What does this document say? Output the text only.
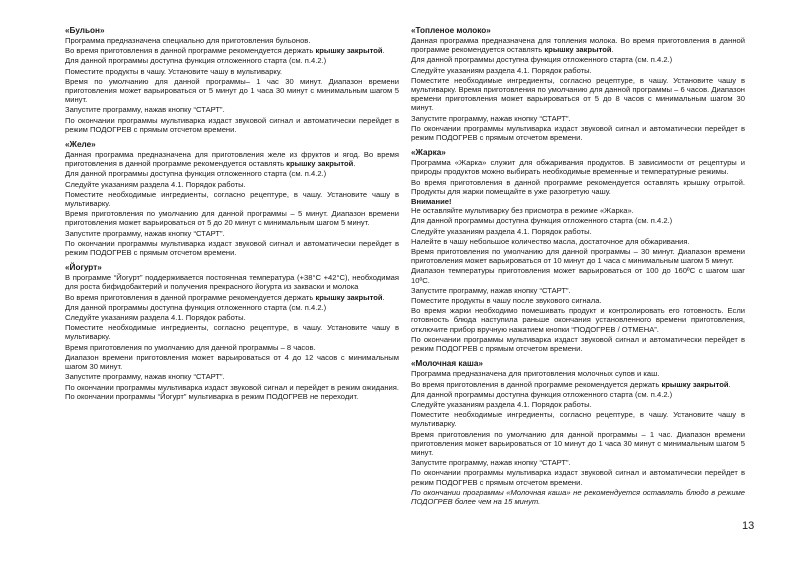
«Бульон»
Программа предназначена специально для приготовления бульонов.
Во время приготовления в данной программе рекомендуется держать крышку закрытой.
Для данной программы доступна функция отложенного старта (см. п.4.2.)
Поместите продукты в чашу. Установите чашу в мультиварку.
Время по умолчанию для данной программы– 1 час 30 минут. Диапазон времени приготовления может варьироваться от 5 минут до 1 часа 30 минут с минимальным шагом 5 минут.
Запустите программу, нажав кнопку “СТАРТ”.
По окончании программы мультиварка издаст звуковой сигнал и автоматически перейдет в режим ПОДОГРЕВ с прямым отсчетом времени.
«Желе»
Данная программа предназначена для приготовления желе из фруктов и ягод. Во время приготовления в данной программе рекомендуется оставлять крышку закрытой.
Для данной программы доступна функция отложенного старта (см. п.4.2.)
Следуйте указаниям раздела 4.1. Порядок работы.
Поместите необходимые ингредиенты, согласно рецептуре, в чашу. Установите чашу в мультиварку.
Время приготовления по умолчанию для данной программы – 5 минут. Диапазон времени приготовления может варьироваться от 5 до 20 минут с минимальным шагом 5 минут.
Запустите программу, нажав кнопку “СТАРТ”.
По окончании программы мультиварка издаст звуковой сигнал и автоматически перейдет в режим ПОДОГРЕВ с прямым отсчетом времени.
«Йогурт»
В программе “Йогурт” поддерживается постоянная температура (+38°С +42°С), необходимая для роста бифидобактерий и получения прекрасного йогурта из закваски и молока
Во время приготовления в данной программе рекомендуется держать крышку закрытой.
Для данной программы доступна функция отложенного старта (см. п.4.2.)
Следуйте указаниям раздела 4.1. Порядок работы.
Поместите необходимые ингредиенты, согласно рецептуре, в чашу. Установите чашу в мультиварку.
Время приготовления по умолчанию для данной программы – 8 часов.
Диапазон времени приготовления может варьироваться от 4 до 12 часов с минимальным шагом 30 минут.
Запустите программу, нажав кнопку “СТАРТ”.
По окончании программы мультиварка издаст звуковой сигнал и перейдет в режим ожидания. По окончании программы “Йогурт” мультиварка в режим ПОДОГРЕВ не переходит.
«Топленое молоко»
Данная программа предназначена для топления молока. Во время приготовления в данной программе рекомендуется оставлять крышку закрытой.
Для данной программы доступна функция отложенного старта (см. п.4.2.)
Следуйте указаниям раздела 4.1. Порядок работы.
Поместите необходимые ингредиенты, согласно рецептуре, в чашу. Установите чашу в мультиварку. Время приготовления по умолчанию для данной программы – 6 часов. Диапазон времени приготовления может варьироваться от 5 до 8 часов с минимальным шагом 30 минут.
Запустите программу, нажав кнопку “СТАРТ”.
По окончании программы мультиварка издаст звуковой сигнал и автоматически перейдет в режим ПОДОГРЕВ с прямым отсчетом времени.
«Жарка»
Программа «Жарка» служит для обжаривания продуктов. В зависимости от рецептуры и природы продуктов можно выбирать необходимые временные и температурные режимы.
Во время приготовления в данной программе рекомендуется оставлять крышку отрытой. Продукты для жарки помещайте в уже разогретую чашу.
Внимание!
Не оставляйте мультиварку без присмотра в режиме «Жарка».
Для данной программы доступна функция отложенного старта (см. п.4.2.)
Следуйте указаниям раздела 4.1. Порядок работы.
Налейте в чашу небольшое количество масла, достаточное для обжаривания.
Время приготовления по умолчанию для данной программы – 30 минут. Диапазон времени приготовления может варьироваться от 10 минут до 1 часа с минимальным шагом 5 минут.
Диапазон температуры приготовления может варьироваться от 100 до 160ºС с шагом шаг 10ºС.
Запустите программу, нажав кнопку “СТАРТ”.
Поместите продукты в чашу после звукового сигнала.
Во время жарки необходимо помешивать продукт и контролировать его готовность. Если готовность блюда наступила раньше окончания установленного времени приготовления, отключите прибор вручную нажатием кнопки “ПОДОГРЕВ / ОТМЕНА”.
По окончании программы мультиварка издаст звуковой сигнал и автоматически перейдет в режим ПОДОГРЕВ с прямым отсчетом времени.
«Молочная каша»
Программа предназначена для приготовления молочных супов и каш.
Во время приготовления в данной программе рекомендуется держать крышку закрытой.
Для данной программы доступна функция отложенного старта (см. п.4.2.)
Следуйте указаниям раздела 4.1. Порядок работы.
Поместите необходимые ингредиенты, согласно рецептуре, в чашу. Установите чашу в мультиварку.
Время приготовления по умолчанию для данной программы – 1 час. Диапазон времени приготовления может варьироваться от 10 минут до 1 часа 30 минут с минимальным шагом 5 минут.
Запустите программу, нажав кнопку “СТАРТ”.
По окончании программы мультиварка издаст звуковой сигнал и автоматически перейдет в режим ПОДОГРЕВ с прямым отсчетом времени.
По окончании программы «Молочная каша» не рекомендуется оставлять блюдо в режиме ПОДОГРЕВ более чем на 15 минут.
13
